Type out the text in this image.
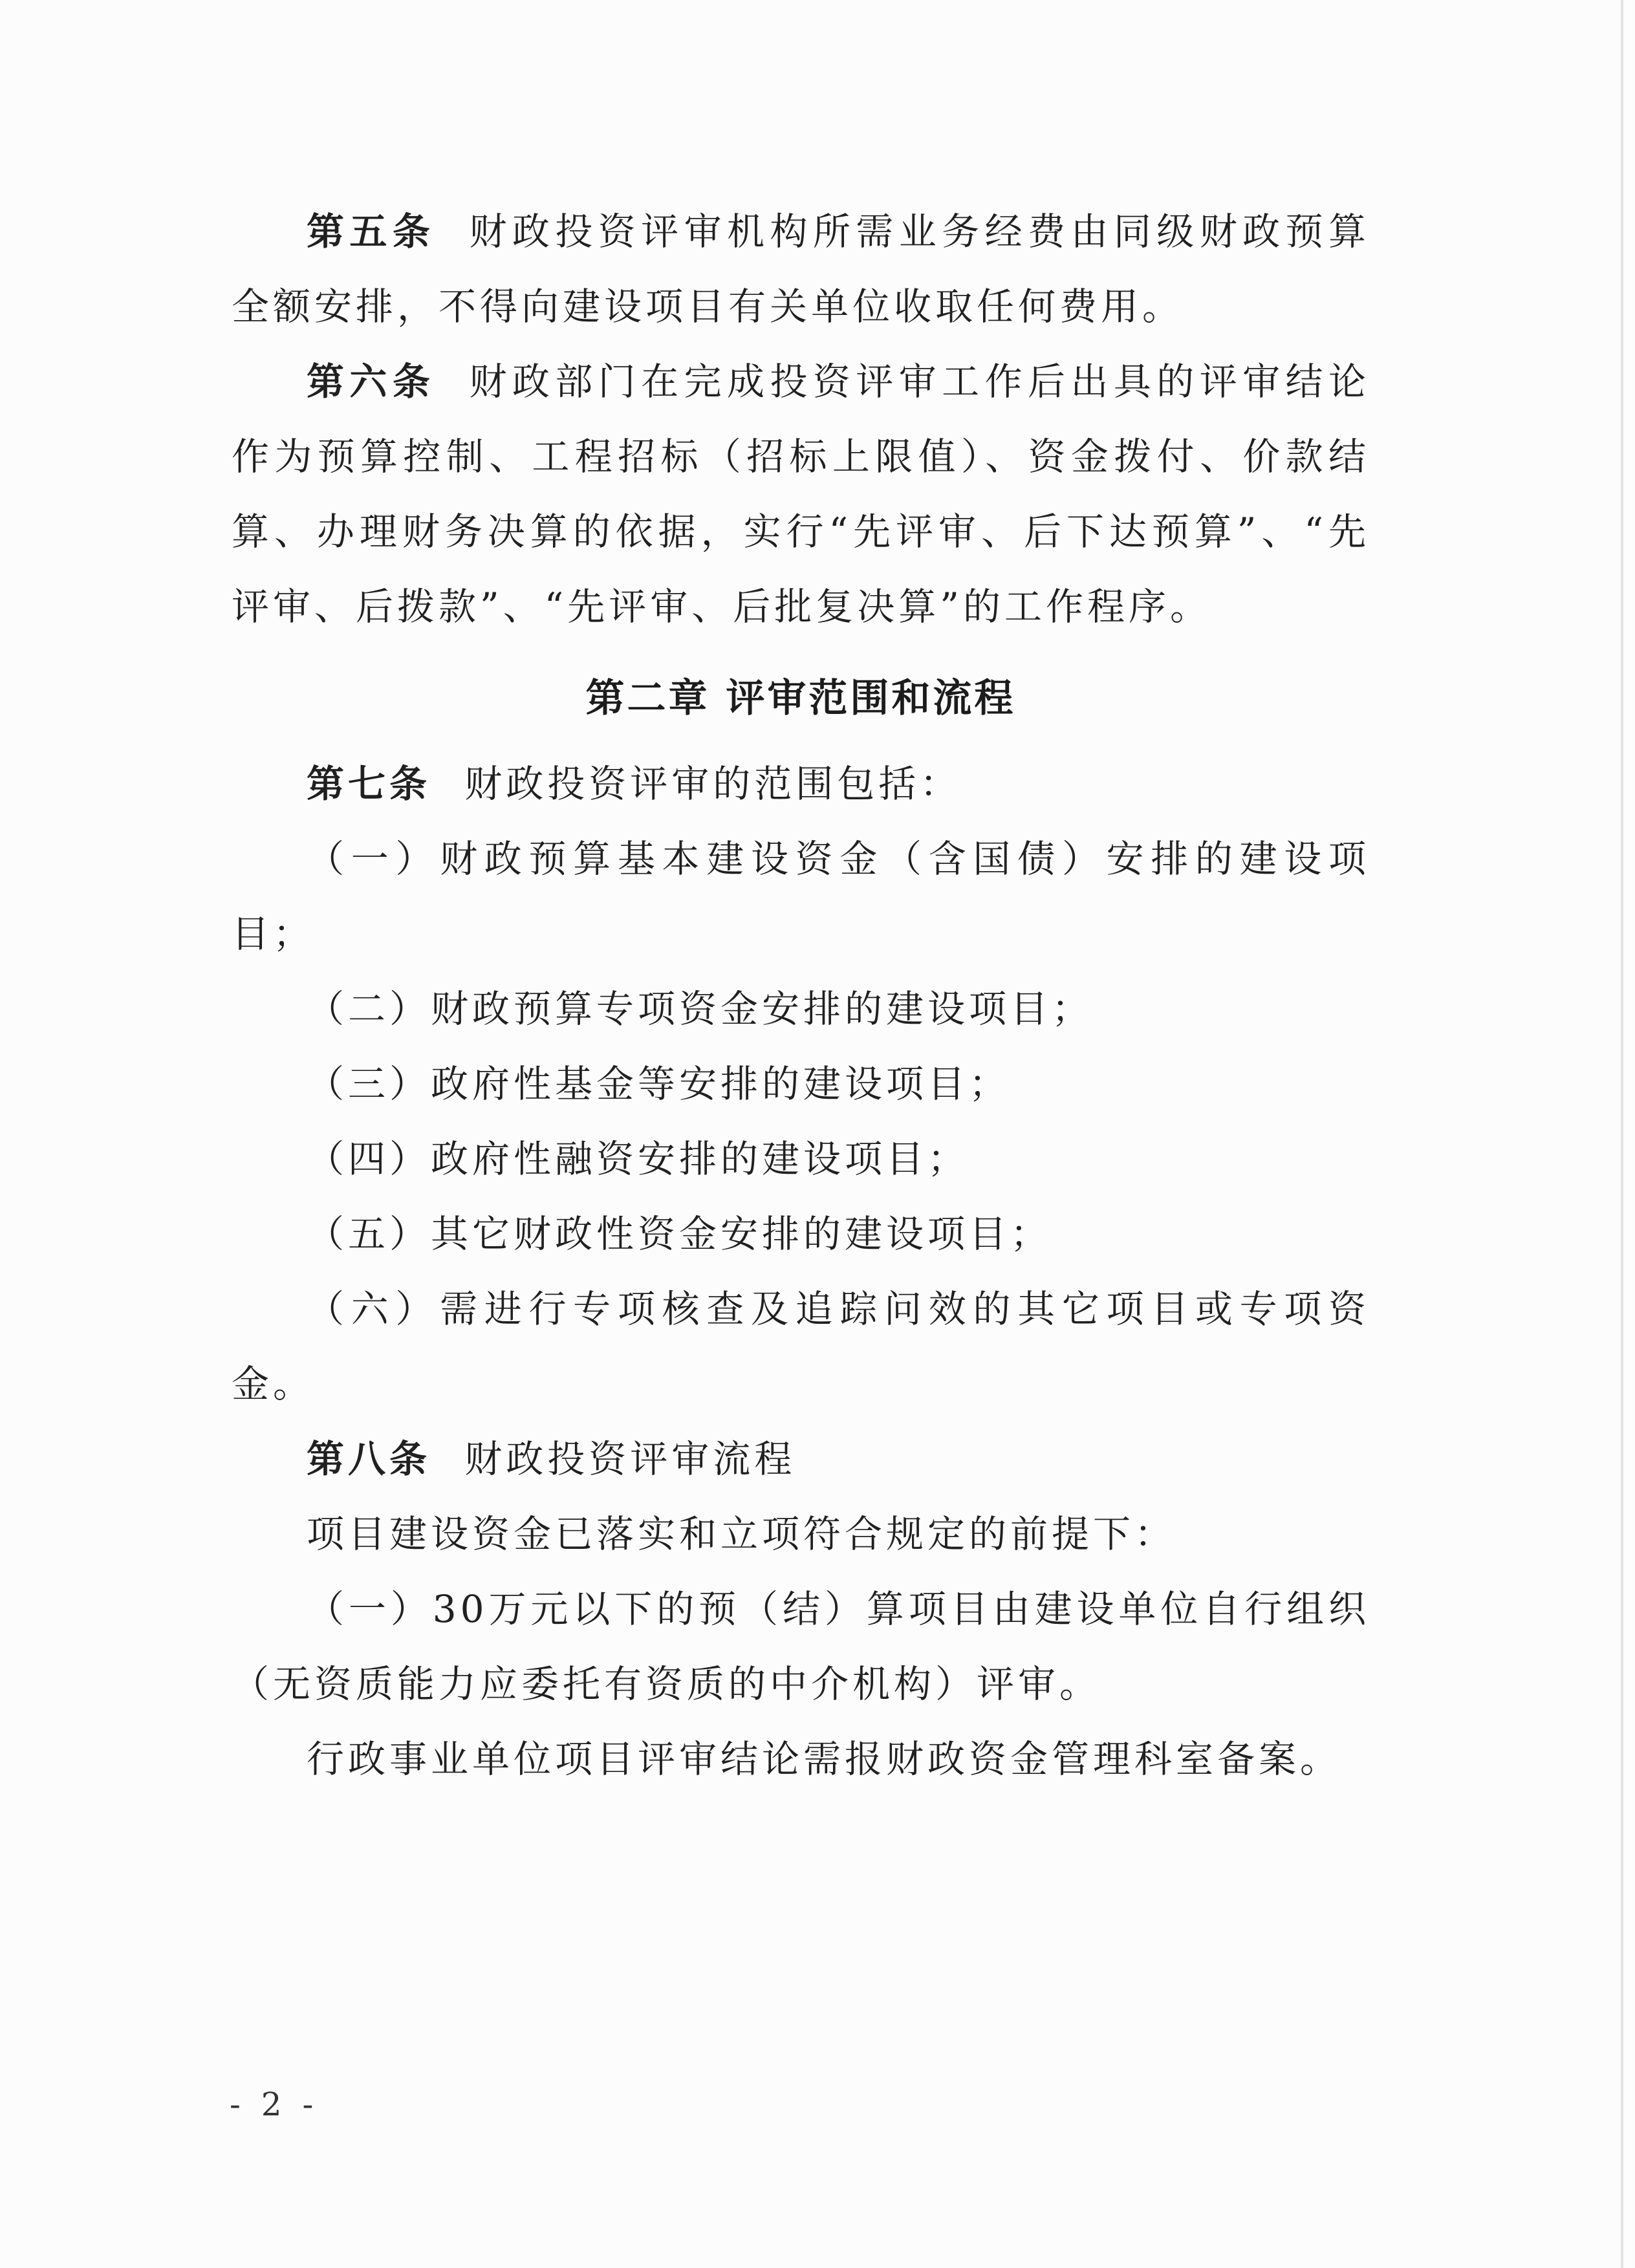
第五条 财政投资评审机构所需业务经费由同级财政预算全额安排，不得向建设项目有关单位收取任何费用。

第六条 财政部门在完成投资评审工作后出具的评审结论作为预算控制、工程招标（招标上限值）、资金拨付、价款结算、办理财务决算的依据，实行“先评审、后下达预算”、“先评审、后拨款”、“先评审、后批复决算”的工作程序。

第二章 评审范围和流程

第七条 财政投资评审的范围包括：

（一）财政预算基本建设资金（含国债）安排的建设项目；

（二）财政预算专项资金安排的建设项目；

（三）政府性基金等安排的建设项目；

（四）政府性融资安排的建设项目；

（五）其它财政性资金安排的建设项目；

（六）需进行专项核查及追踪问效的其它项目或专项资金。

第八条 财政投资评审流程

项目建设资金已落实和立项符合规定的前提下：

（一）30万元以下的预（结）算项目由建设单位自行组织（无资质能力应委托有资质的中介机构）评审。

行政事业单位项目评审结论需报财政资金管理科室备案。

- 2 -
